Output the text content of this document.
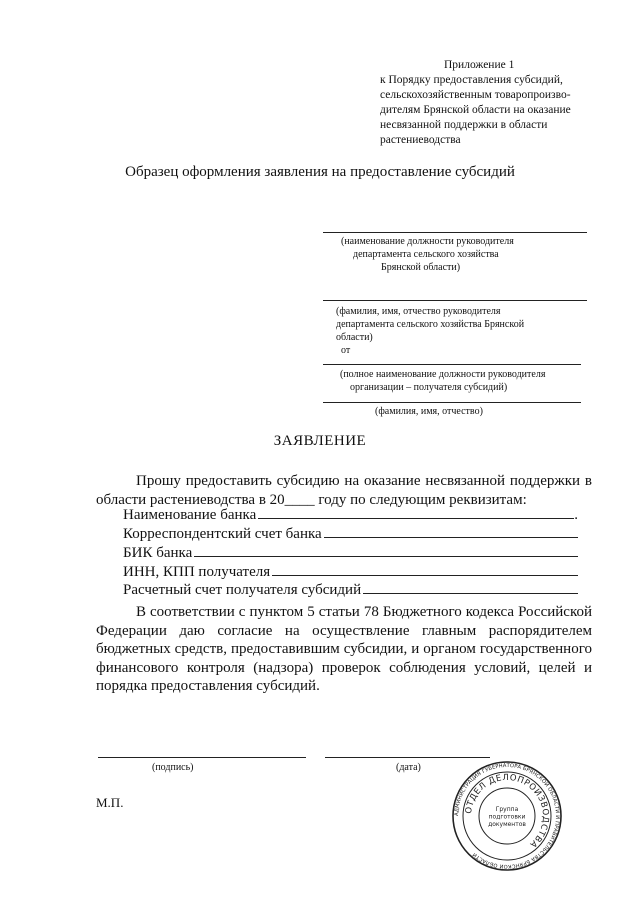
Приложение 1
к Порядку предоставления субсидий,
сельскохозяйственным товаропроизво-
дителям Брянской области на оказание
несвязанной поддержки в области
растениеводства
Образец оформления заявления на предоставление субсидий
(наименование должности руководителя
департамента сельского хозяйства
Брянской области)
(фамилия, имя, отчество руководителя
департамента сельского хозяйства Брянской
области)
от
(полное наименование должности руководителя
организации – получателя субсидий)
(фамилия, имя, отчество)
ЗАЯВЛЕНИЕ
Прошу предоставить субсидию на оказание несвязанной поддержки в области растениеводства в 20____ году по следующим реквизитам:
Наименование банка	.
Корреспондентский счет банка
БИК банка
ИНН, КПП получателя
Расчетный счет получателя субсидий
В соответствии с пунктом 5 статьи 78 Бюджетного кодекса Российской Федерации даю согласие на осуществление главным распорядителем бюджетных средств, предоставившим субсидии, и органом государственного финансового контроля (надзора) проверок соблюдения условий, целей и порядка предоставления субсидий.
(подпись)	(дата)
М.П.
АДМИНИСТРАЦИЯ ГУБЕРНАТОРА БРЯНСКОЙ ОБЛАСТИ И ПРАВИТЕЛЬСТВА БРЯНСКОЙ ОБЛАСТИ
ОТДЕЛ ДЕЛОПРОИЗВОДСТВА
Группа
подготовки
документов
